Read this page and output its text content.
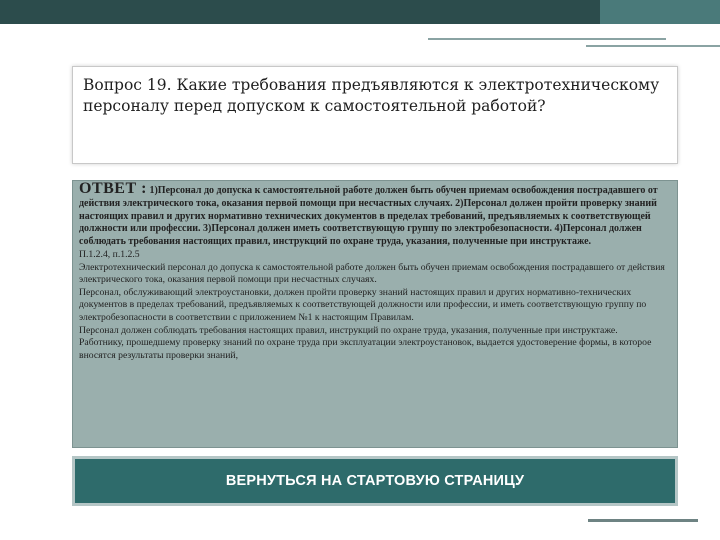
Вопрос 19. Какие требования предъявляются к электротехническому персоналу перед допуском к самостоятельной работой?

ОТВЕТ : 1)Персонал до допуска к самостоятельной работе должен быть обучен приемам освобождения пострадавшего от действия электрического тока, оказания первой помощи при несчастных случаях. 2)Персонал должен пройти проверку знаний настоящих правил и других нормативно технических документов в пределах требований, предъявляемых к соответствующей должности или профессии. 3)Персонал должен иметь соответствующую группу по электробезопасности. 4)Персонал должен соблюдать требования настоящих правил, инструкций по охране труда, указания, полученные при инструктаже.

П.1.2.4, п.1.2.5

Электротехнический персонал до допуска к самостоятельной работе должен быть обучен приемам освобождения пострадавшего от действия электрического тока, оказания первой помощи при несчастных случаях.

Персонал, обслуживающий электроустановки, должен пройти проверку знаний настоящих правил и других нормативно-технических документов в пределах требований, предъявляемых к соответствующей должности или профессии, и иметь соответствующую группу по электробезопасности в соответствии с приложением №1 к настоящим Правилам.

Персонал должен соблюдать требования настоящих правил, инструкций по охране труда, указания, полученные при инструктаже.

Работнику, прошедшему проверку знаний по охране труда при эксплуатации электроустановок, выдается удостоверение формы, в которое вносятся результаты проверки знаний,

ВЕРНУТЬСЯ НА СТАРТОВУЮ СТРАНИЦУ
